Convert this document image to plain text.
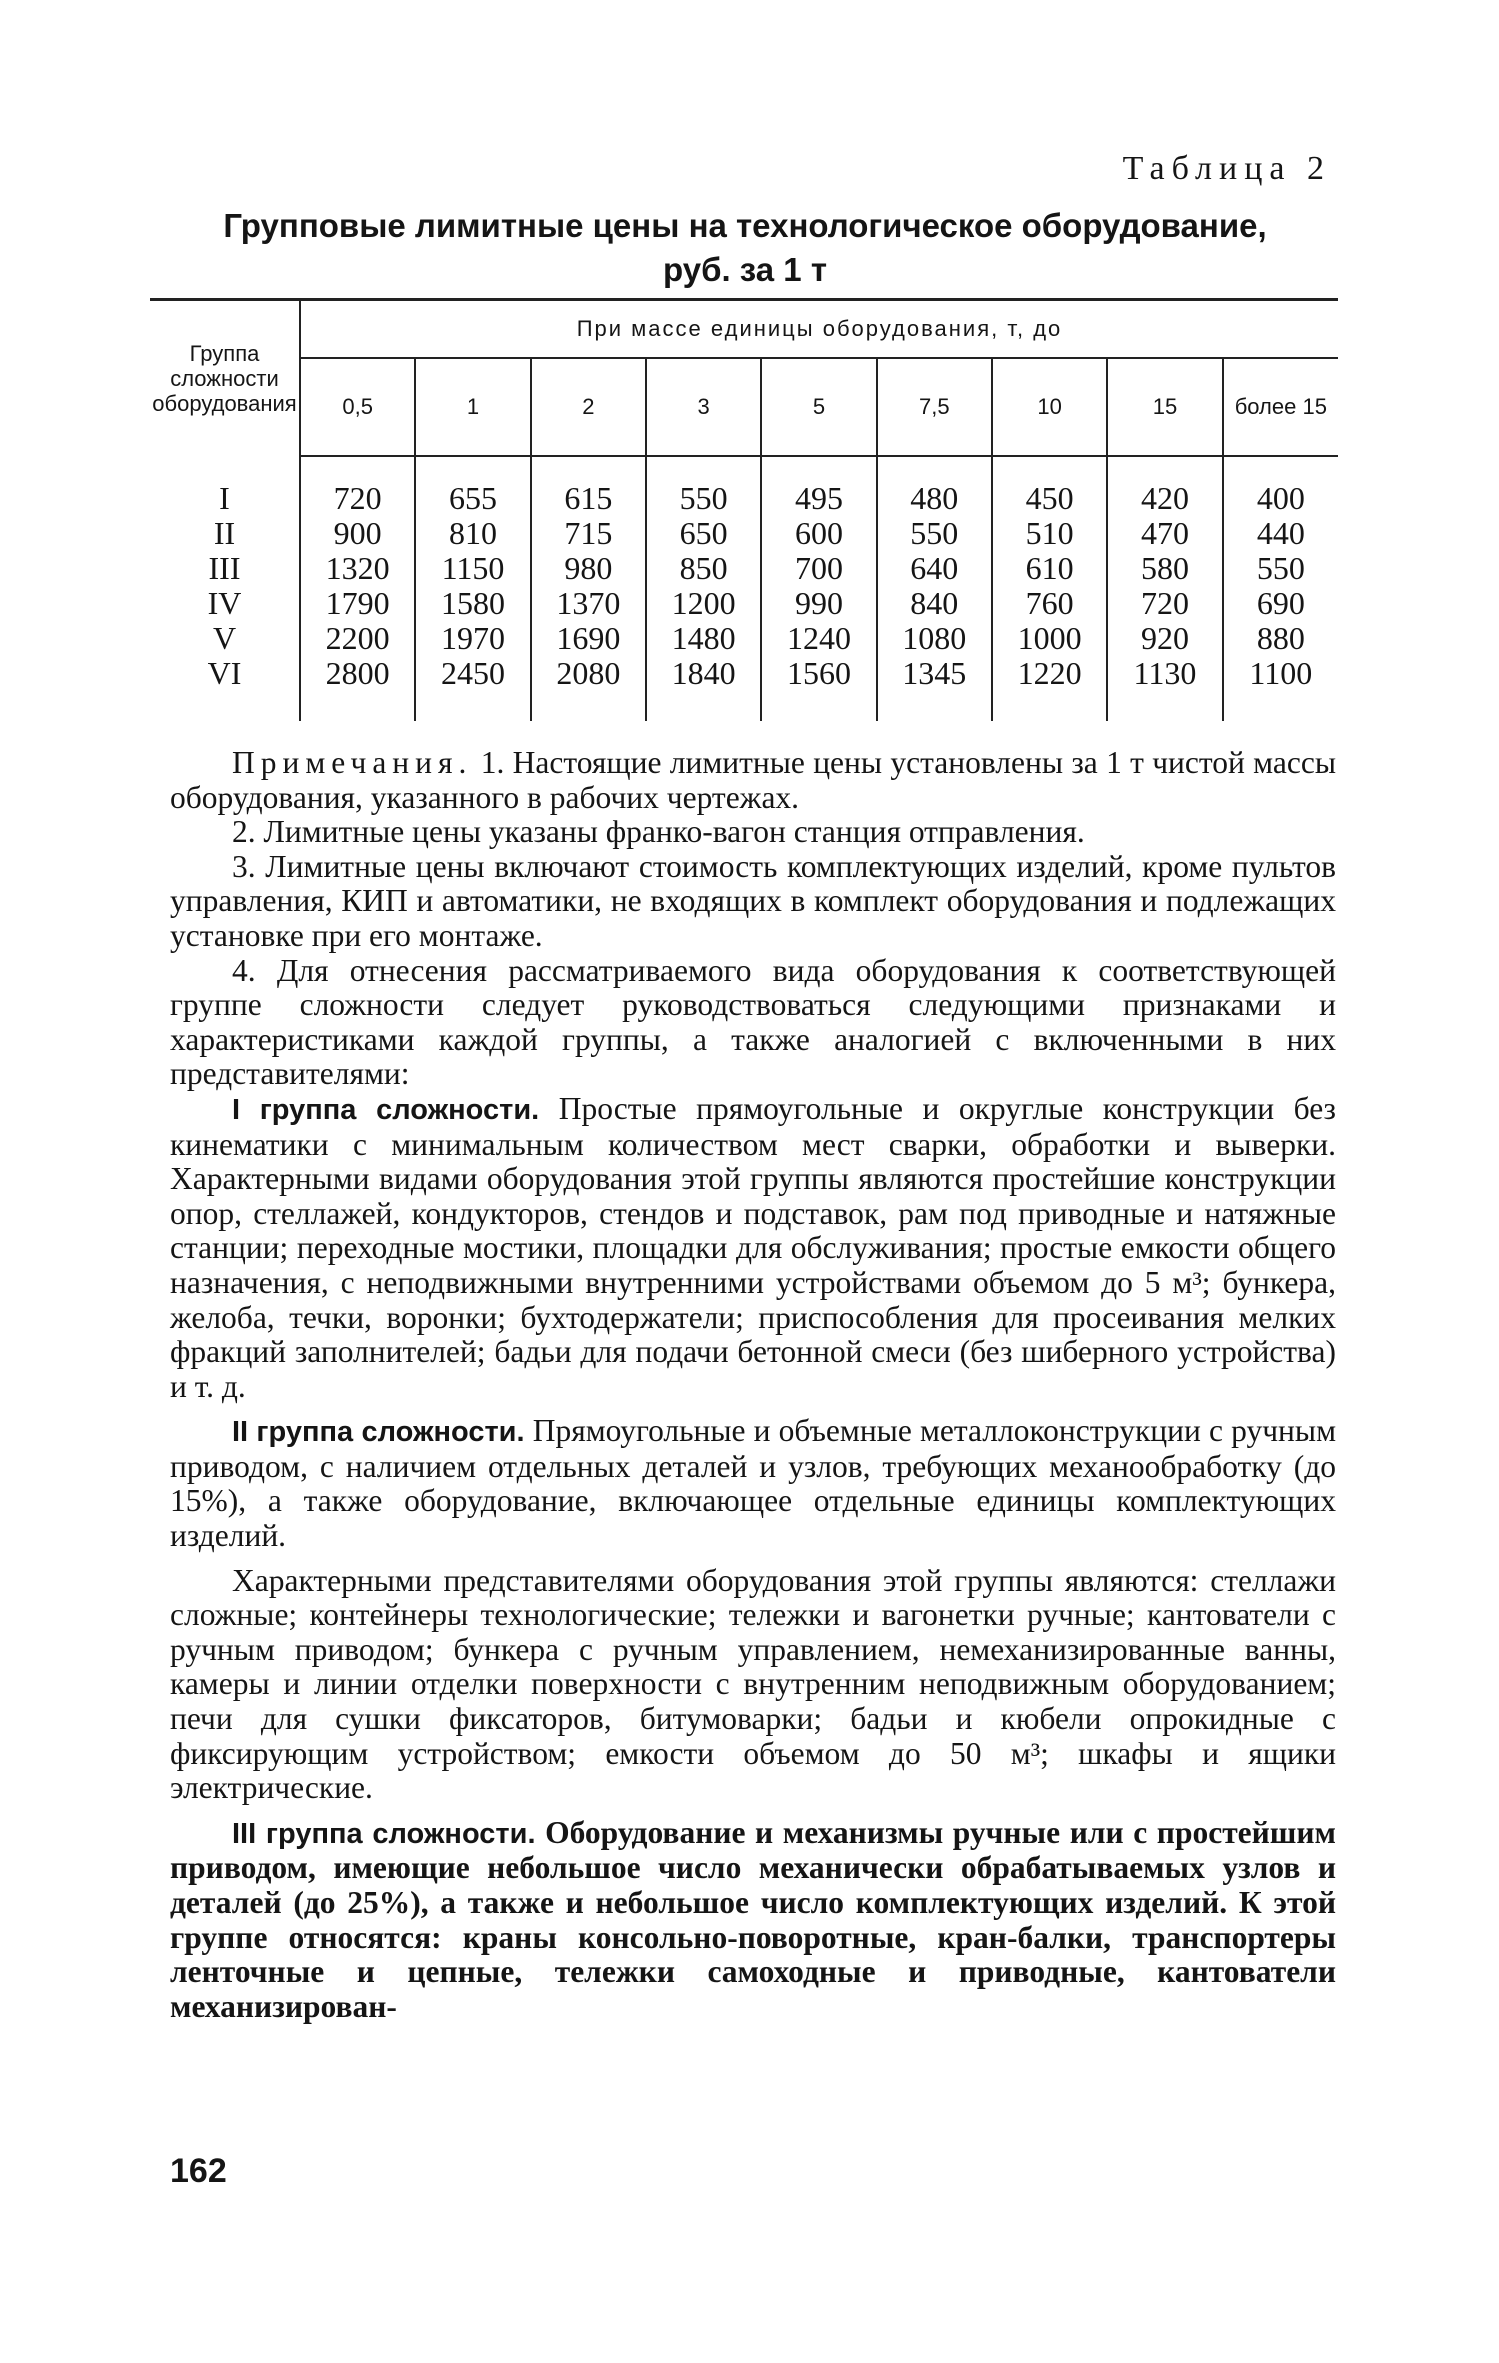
Таблица 2
Групповые лимитные цены на технологическое оборудование,
руб. за 1 т
Группа сложности оборудования	При массе единицы оборудования, т, до								
	0,5	1	2	3	5	7,5	10	15	более 15
I	720	655	615	550	495	480	450	420	400
II	900	810	715	650	600	550	510	470	440
III	1320	1150	980	850	700	640	610	580	550
IV	1790	1580	1370	1200	990	840	760	720	690
V	2200	1970	1690	1480	1240	1080	1000	920	880
VI	2800	2450	2080	1840	1560	1345	1220	1130	1100

Примечания. 1. Настоящие лимитные цены установлены за 1 т чистой массы оборудования, указанного в рабочих чертежах.

2. Лимитные цены указаны франко-вагон станция отправления.

3. Лимитные цены включают стоимость комплектующих изделий, кроме пультов управления, КИП и автоматики, не входящих в комплект оборудования и подлежащих установке при его монтаже.

4. Для отнесения рассматриваемого вида оборудования к соответствующей группе сложности следует руководствоваться следующими признаками и характеристиками каждой группы, а также аналогией с включенными в них представителями:

I группа сложности. Простые прямоугольные и округлые конструкции без кинематики с минимальным количеством мест сварки, обработки и выверки. Характерными видами оборудования этой группы являются простейшие конструкции опор, стеллажей, кондукторов, стендов и подставок, рам под приводные и натяжные станции; переходные мостики, площадки для обслуживания; простые емкости общего назначения, с неподвижными внутренними устройствами объемом до 5 м³; бункера, желоба, течки, воронки; бухтодержатели; приспособления для просеивания мелких фракций заполнителей; бадьи для подачи бетонной смеси (без шиберного устройства) и т. д.

II группа сложности. Прямоугольные и объемные металлоконструкции с ручным приводом, с наличием отдельных деталей и узлов, требующих механообработку (до 15%), а также оборудование, включающее отдельные единицы комплектующих изделий.

Характерными представителями оборудования этой группы являются: стеллажи сложные; контейнеры технологические; тележки и вагонетки ручные; кантователи с ручным приводом; бункера с ручным управлением, немеханизированные ванны, камеры и линии отделки поверхности с внутренним неподвижным оборудованием; печи для сушки фиксаторов, битумоварки; бадьи и кюбели опрокидные с фиксирующим устройством; емкости объемом до 50 м³; шкафы и ящики электрические.

III группа сложности. Оборудование и механизмы ручные или с простейшим приводом, имеющие небольшое число механически обрабатываемых узлов и деталей (до 25%), а также и небольшое число комплектующих изделий. К этой группе относятся: краны консольно-поворотные, кран-балки, транспортеры ленточные и цепные, тележки самоходные и приводные, кантователи механизирован-

162
